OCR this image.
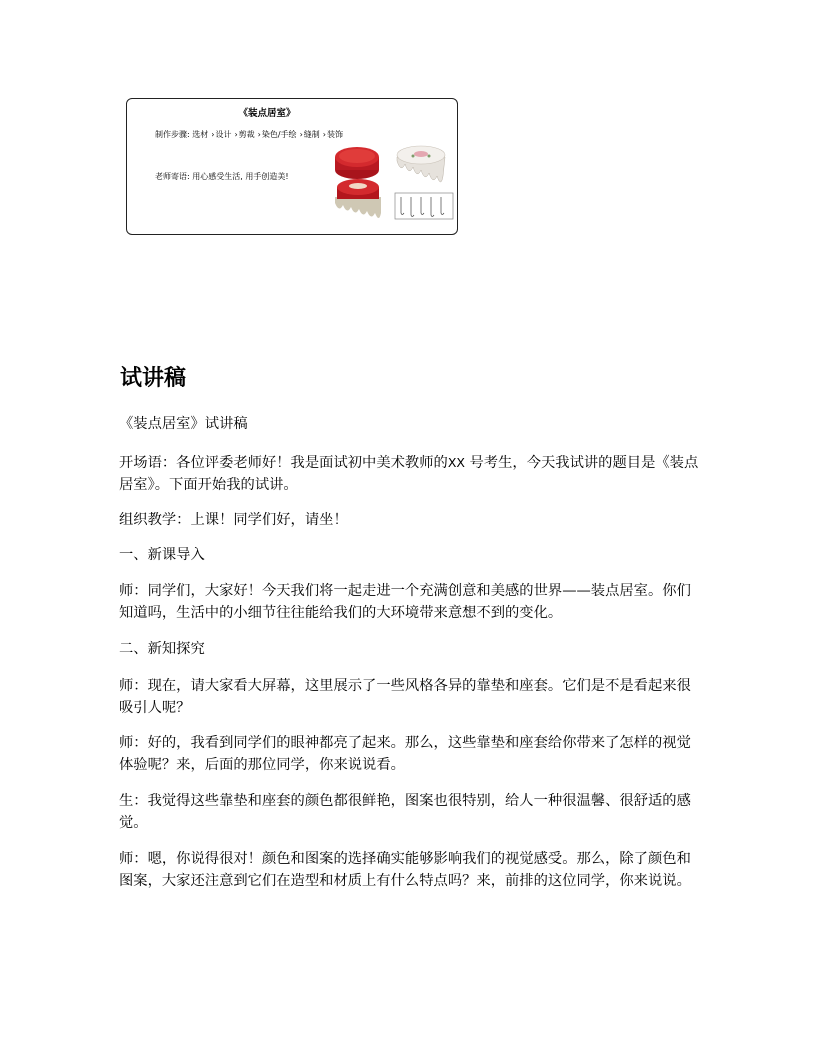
《装点居室》
制作步骤: 选材 ›设计 ›剪裁 ›染色/手绘 ›缝制 ›装饰
老师寄语: 用心感受生活, 用手创造美!
试讲稿

《装点居室》试讲稿

开场语：各位评委老师好！我是面试初中美术教师的XX 号考生，今天我试讲的题目是《装点居室》。下面开始我的试讲。

组织教学：上课！同学们好，请坐！

一、新课导入

师：同学们，大家好！今天我们将一起走进一个充满创意和美感的世界——装点居室。你们知道吗，生活中的小细节往往能给我们的大环境带来意想不到的变化。

二、新知探究

师：现在，请大家看大屏幕，这里展示了一些风格各异的靠垫和座套。它们是不是看起来很吸引人呢？

师：好的，我看到同学们的眼神都亮了起来。那么，这些靠垫和座套给你带来了怎样的视觉体验呢？来，后面的那位同学，你来说说看。

生：我觉得这些靠垫和座套的颜色都很鲜艳，图案也很特别，给人一种很温馨、很舒适的感觉。

师：嗯，你说得很对！颜色和图案的选择确实能够影响我们的视觉感受。那么，除了颜色和图案，大家还注意到它们在造型和材质上有什么特点吗？来，前排的这位同学，你来说说。
